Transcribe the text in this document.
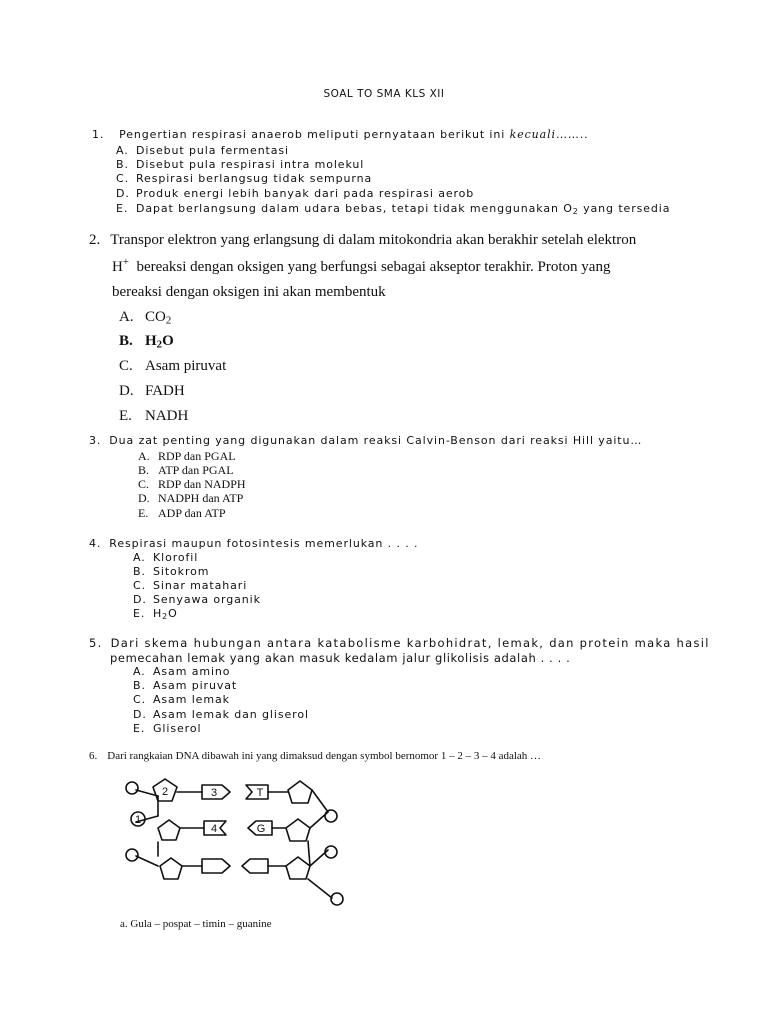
SOAL TO SMA KLS XII
1. Pengertian respirasi anaerob meliputi pernyataan berikut ini kecuali……..
A. Disebut pula fermentasi
B. Disebut pula respirasi intra molekul
C. Respirasi berlangsug tidak sempurna
D. Produk energi lebih banyak dari pada respirasi aerob
E. Dapat berlangsung dalam udara bebas, tetapi tidak menggunakan $O_2$ yang tersedia
2. Transpor elektron yang erlangsung di dalam mitokondria akan berakhir setelah elektron
H+  bereaksi dengan oksigen yang berfungsi sebagai akseptor terakhir. Proton yang
bereaksi dengan oksigen ini akan membentuk
A. $CO_2$
B. $H_2O$
C. Asam piruvat
D. FADH
E. NADH
3. Dua zat penting yang digunakan dalam reaksi Calvin-Benson dari reaksi Hill yaitu…
A. RDP dan PGAL
B. ATP dan PGAL
C. RDP dan NADPH
D. NADPH dan ATP
E. ADP dan ATP
4. Respirasi maupun fotosintesis memerlukan . . . .
A. Klorofil
B. Sitokrom
C. Sinar matahari
D. Senyawa organik
E. $H_2O$
5. Dari skema hubungan antara katabolisme karbohidrat, lemak, dan protein maka hasil
pemecahan lemak yang akan masuk kedalam jalur glikolisis adalah . . . .
A. Asam amino
B. Asam piruvat
C. Asam lemak
D. Asam lemak dan gliserol
E. Gliserol
6. Dari rangkaian DNA dibawah ini yang dimaksud dengan symbol bernomor 1 – 2 – 3 – 4 adalah …
1
2	3
4
T
G
a. Gula – pospat – timin – guanine
